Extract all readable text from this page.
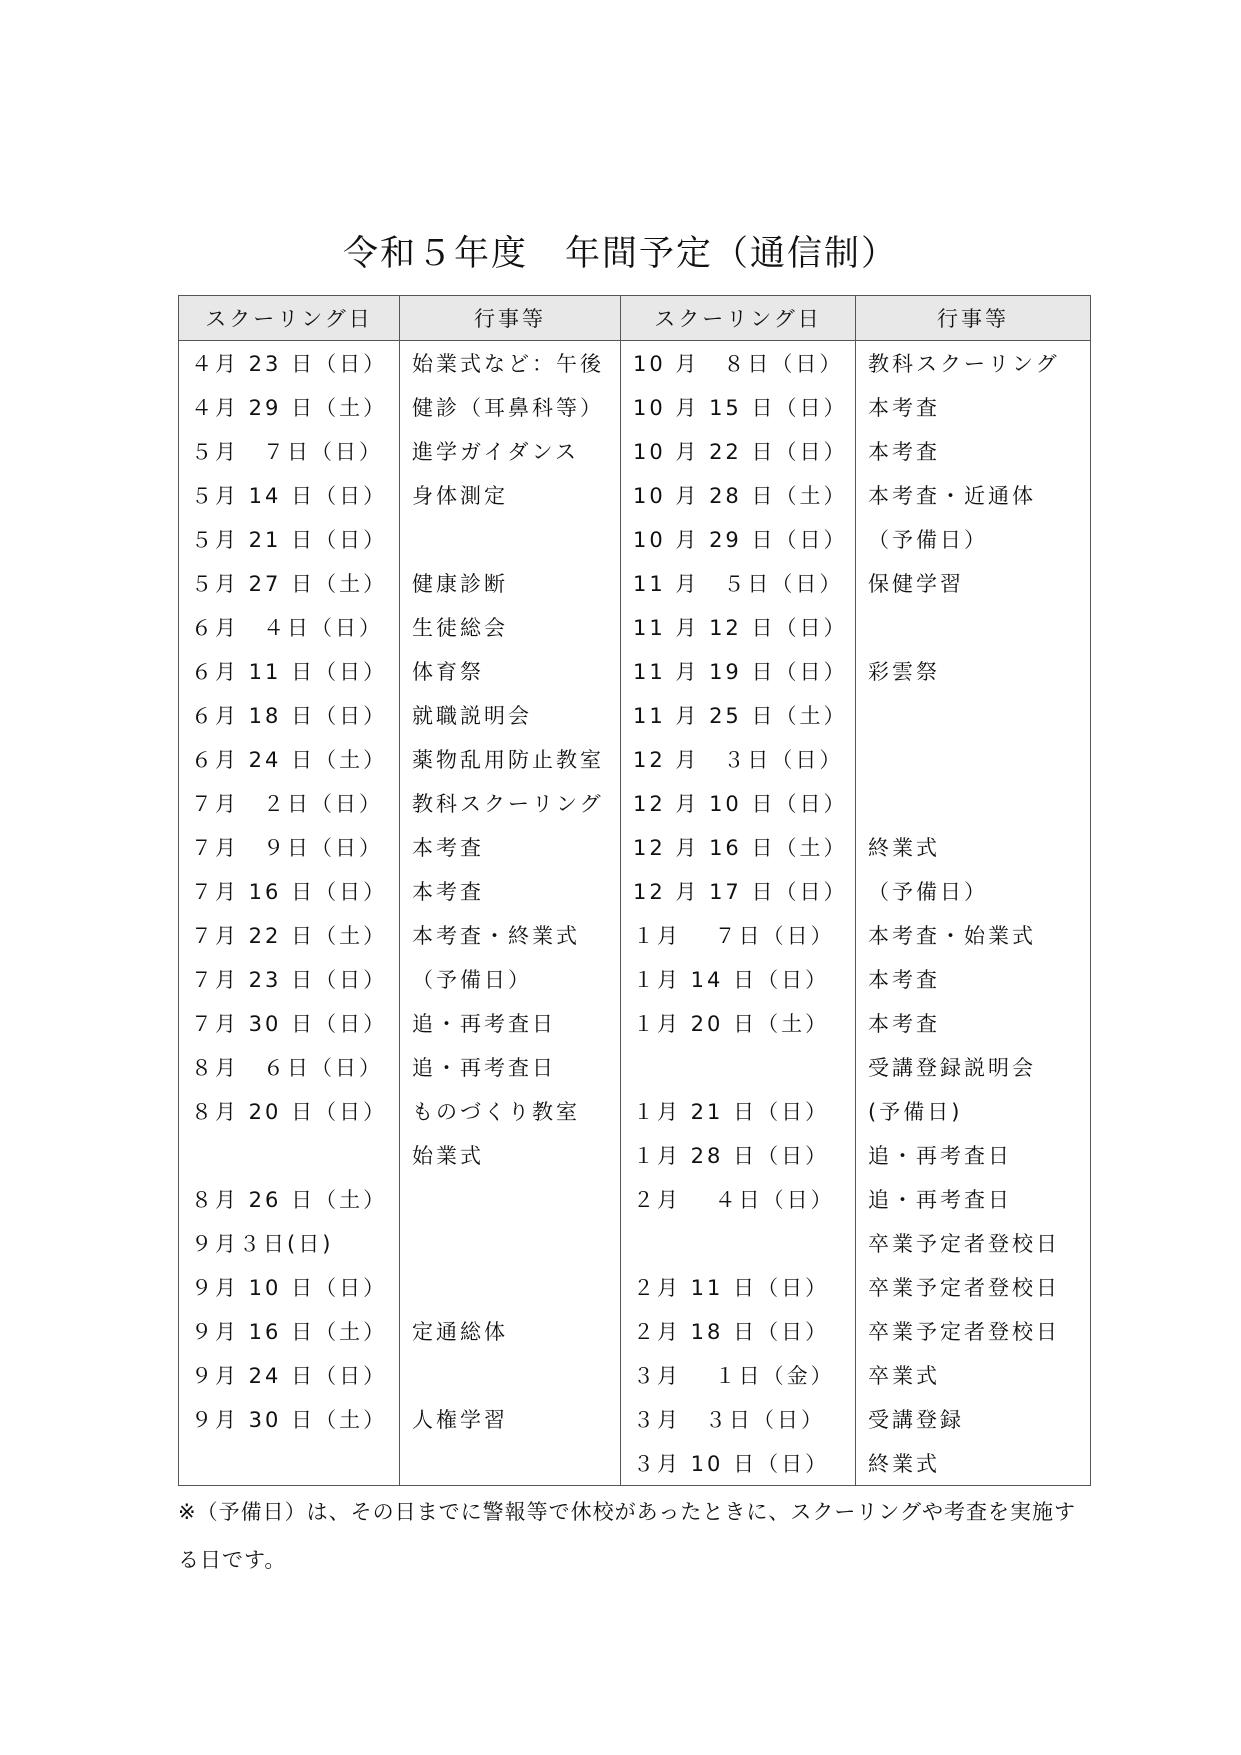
令和５年度　年間予定（通信制）
スクーリング日	行事等	スクーリング日	行事等
４月 23 日（日）	始業式など：午後	10 月　８日（日）	教科スクーリング
４月 29 日（土）	健診（耳鼻科等）	10 月 15 日（日）	本考査
５月　７日（日）	進学ガイダンス	10 月 22 日（日）	本考査
５月 14 日（日）	身体測定	10 月 28 日（土）	本考査・近通体
５月 21 日（日）		10 月 29 日（日）	（予備日）
５月 27 日（土）	健康診断	11 月　５日（日）	保健学習
６月　４日（日）	生徒総会	11 月 12 日（日）	
６月 11 日（日）	体育祭	11 月 19 日（日）	彩雲祭
６月 18 日（日）	就職説明会	11 月 25 日（土）	
６月 24 日（土）	薬物乱用防止教室	12 月　３日（日）	
７月　２日（日）	教科スクーリング	12 月 10 日（日）	
７月　９日（日）	本考査	12 月 16 日（土）	終業式
７月 16 日（日）	本考査	12 月 17 日（日）	（予備日）
７月 22 日（土）	本考査・終業式	１月　 ７日（日）	本考査・始業式
７月 23 日（日）	（予備日）	１月 14 日（日）	本考査
７月 30 日（日）	追・再考査日	１月 20 日（土）	本考査
８月　６日（日）	追・再考査日		受講登録説明会
８月 20 日（日）	ものづくり教室	１月 21 日（日）	(予備日)
	始業式	１月 28 日（日）	追・再考査日
８月 26 日（土）		２月　 ４日（日）	追・再考査日
９月３日(日)			卒業予定者登校日
９月 10 日（日）		２月 11 日（日）	卒業予定者登校日
９月 16 日（土）	定通総体	２月 18 日（日）	卒業予定者登校日
９月 24 日（日）		３月　 １日（金）	卒業式
９月 30 日（土）	人権学習	３月　３日（日）	受講登録
		３月 10 日（日）	終業式
※（予備日）は、その日までに警報等で休校があったときに、スクーリングや考査を実施する日です。
